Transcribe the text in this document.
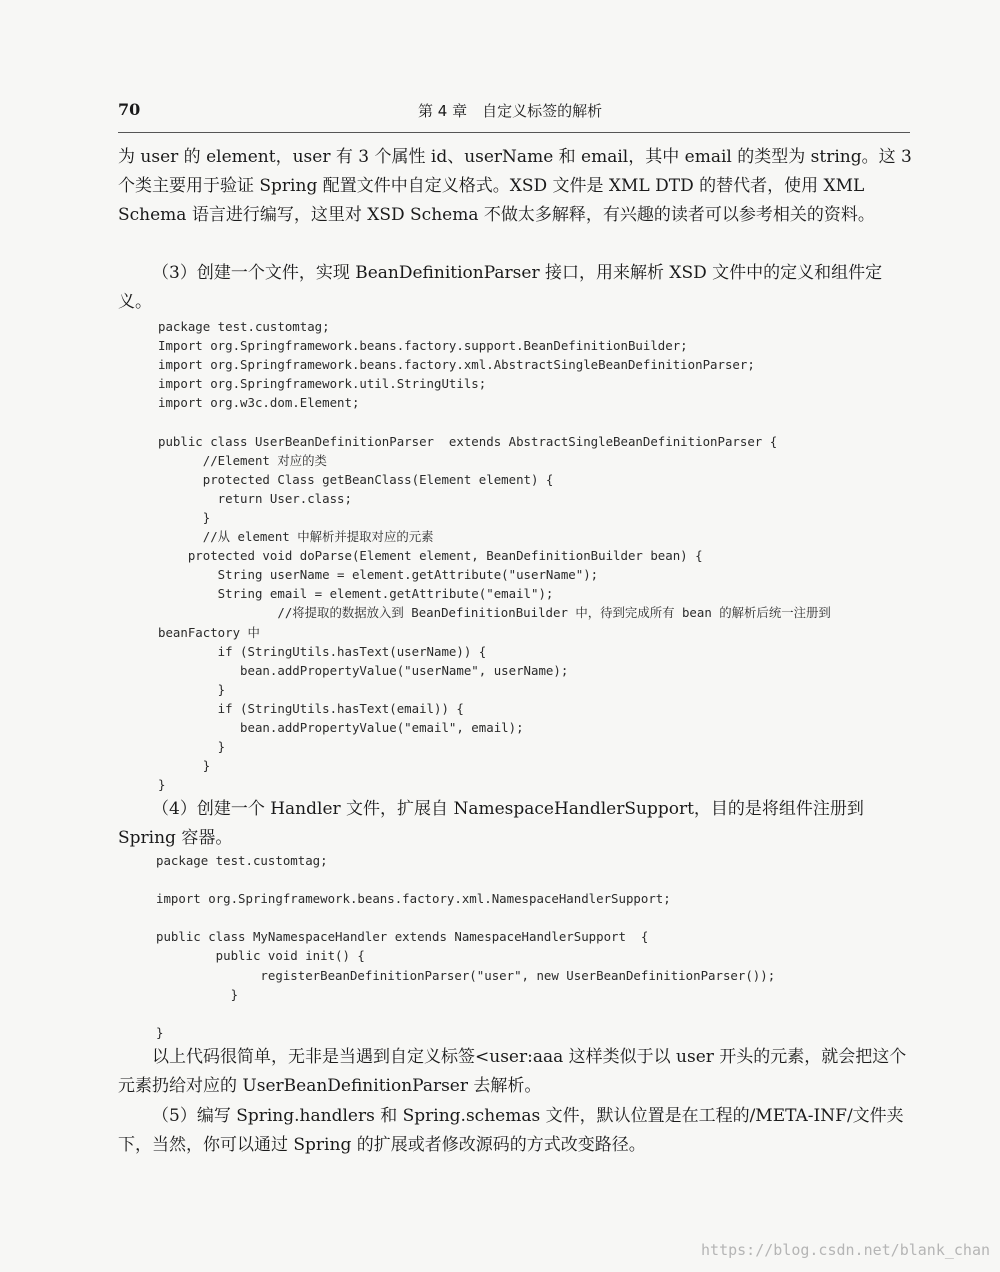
70	第 4 章　自定义标签的解析

为 user 的 element，user 有 3 个属性 id、userName 和 email，其中 email 的类型为 string。这 3 个类主要用于验证 Spring 配置文件中自定义格式。XSD 文件是 XML DTD 的替代者，使用 XML Schema 语言进行编写，这里对 XSD Schema 不做太多解释，有兴趣的读者可以参考相关的资料。

（3）创建一个文件，实现 BeanDefinitionParser 接口，用来解析 XSD 文件中的定义和组件定义。

package test.customtag;
Import org.Springframework.beans.factory.support.BeanDefinitionBuilder;
import org.Springframework.beans.factory.xml.AbstractSingleBeanDefinitionParser;
import org.Springframework.util.StringUtils;
import org.w3c.dom.Element;

public class UserBeanDefinitionParser  extends AbstractSingleBeanDefinitionParser {
//Element 对应的类
protected Class getBeanClass(Element element) {
return User.class;
}
//从 element 中解析并提取对应的元素
protected void doParse(Element element, BeanDefinitionBuilder bean) {
String userName = element.getAttribute("userName");
String email = element.getAttribute("email");
//将提取的数据放入到 BeanDefinitionBuilder 中，待到完成所有 bean 的解析后统一注册到
beanFactory 中
if (StringUtils.hasText(userName)) {
bean.addPropertyValue("userName", userName);
}
if (StringUtils.hasText(email)) {
bean.addPropertyValue("email", email);
}
}
}

（4）创建一个 Handler 文件，扩展自 NamespaceHandlerSupport，目的是将组件注册到 Spring 容器。

package test.customtag;

import org.Springframework.beans.factory.xml.NamespaceHandlerSupport;

public class MyNamespaceHandler extends NamespaceHandlerSupport  {
public void init() {
registerBeanDefinitionParser("user", new UserBeanDefinitionParser());
}

}

以上代码很简单，无非是当遇到自定义标签<user:aaa 这样类似于以 user 开头的元素，就会把这个元素扔给对应的 UserBeanDefinitionParser 去解析。

（5）编写 Spring.handlers 和 Spring.schemas 文件，默认位置是在工程的/META-INF/文件夹下，当然，你可以通过 Spring 的扩展或者修改源码的方式改变路径。

https://blog.csdn.net/blank_chan
